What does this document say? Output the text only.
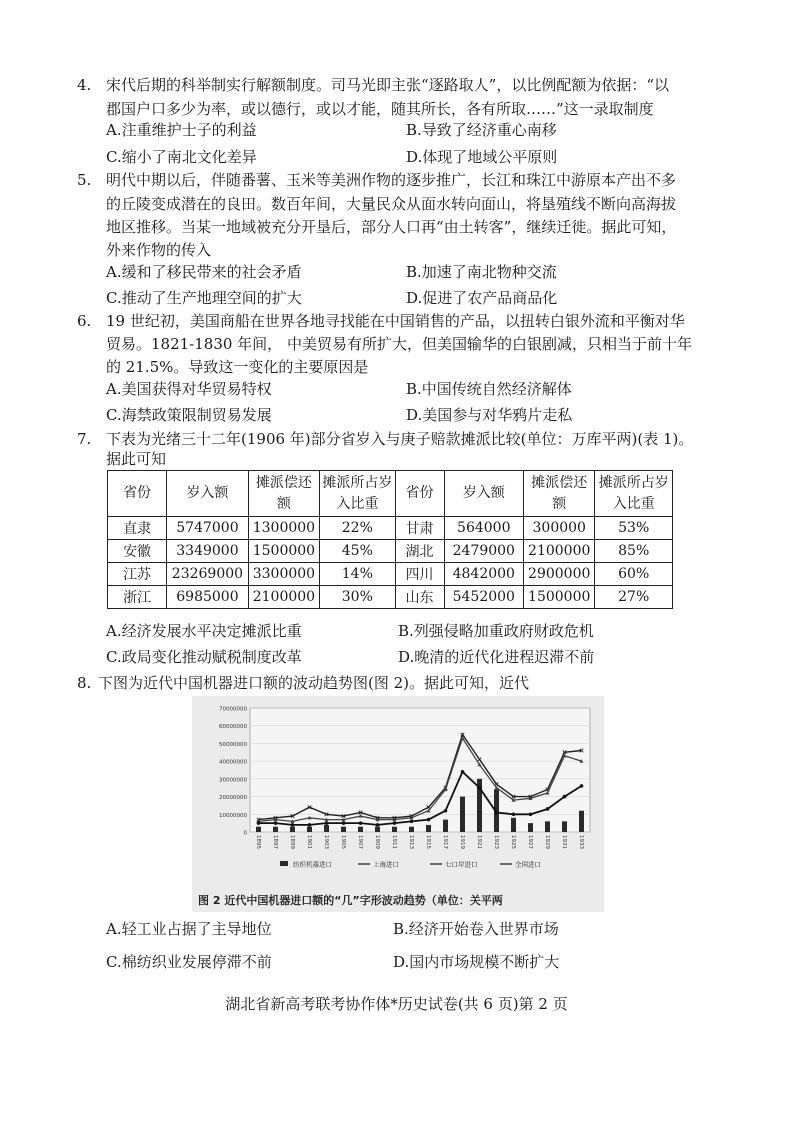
4. 宋代后期的科举制实行解额制度。司马光即主张“逐路取人”，以比例配额为依据：“以
郡国户口多少为率，或以德行，或以才能，随其所长，各有所取……”这一录取制度
A.注重维护士子的利益	B.导致了经济重心南移
C.缩小了南北文化差异	D.体现了地域公平原则
5. 明代中期以后，伴随番薯、玉米等美洲作物的逐步推广，长江和珠江中游原本产出不多
的丘陵变成潜在的良田。数百年间，大量民众从面水转向面山，将垦殖线不断向高海拔
地区推移。当某一地域被充分开垦后，部分人口再“由土转客”，继续迁徙。据此可知，
外来作物的传入
A.缓和了移民带来的社会矛盾	B.加速了南北物种交流
C.推动了生产地理空间的扩大	D.促进了农产品商品化
6. 19 世纪初，美国商船在世界各地寻找能在中国销售的产品，以扭转白银外流和平衡对华
贸易。1821-1830 年间， 中美贸易有所扩大，但美国输华的白银剧减，只相当于前十年
的 21.5%。导致这一变化的主要原因是
A.美国获得对华贸易特权	B.中国传统自然经济解体
C.海禁政策限制贸易发展	D.美国参与对华鸦片走私
7. 下表为光绪三十二年(1906 年)部分省岁入与庚子赔款摊派比较(单位：万库平两)(表 1)。
据此可知
省份	岁入额	摊派偿还额	摊派所占岁入比重	省份	岁入额	摊派偿还额	摊派所占岁入比重
直隶	5747000	1300000	22%	甘肃	564000	300000	53%
安徽	3349000	1500000	45%	湖北	2479000	2100000	85%
江苏	23269000	3300000	14%	四川	4842000	2900000	60%
浙江	6985000	2100000	30%	山东	5452000	1500000	27%
A.经济发展水平决定摊派比重	B.列强侵略加重政府财政危机
C.政局变化推动赋税制度改革	D.晚清的近代化进程迟滞不前
8. 下图为近代中国机器进口额的波动趋势图(图 2)。据此可知，近代
70000000
60000000
50000000
40000000
30000000
20000000
10000000
0
1895 1897 1899 1901 1903 1905 1907 1909 1911 1913 1915 1917 1919 1921 1923 1925 1927 1929 1931 1933
纺织机器进口	上海进口	七口岸进口	全国进口
图 2 近代中国机器进口额的“几”字形波动趋势（单位：关平两
A.轻工业占据了主导地位	B.经济开始卷入世界市场
C.棉纺织业发展停滞不前	D.国内市场规模不断扩大
湖北省新高考联考协作体*历史试卷(共 6 页)第 2 页
